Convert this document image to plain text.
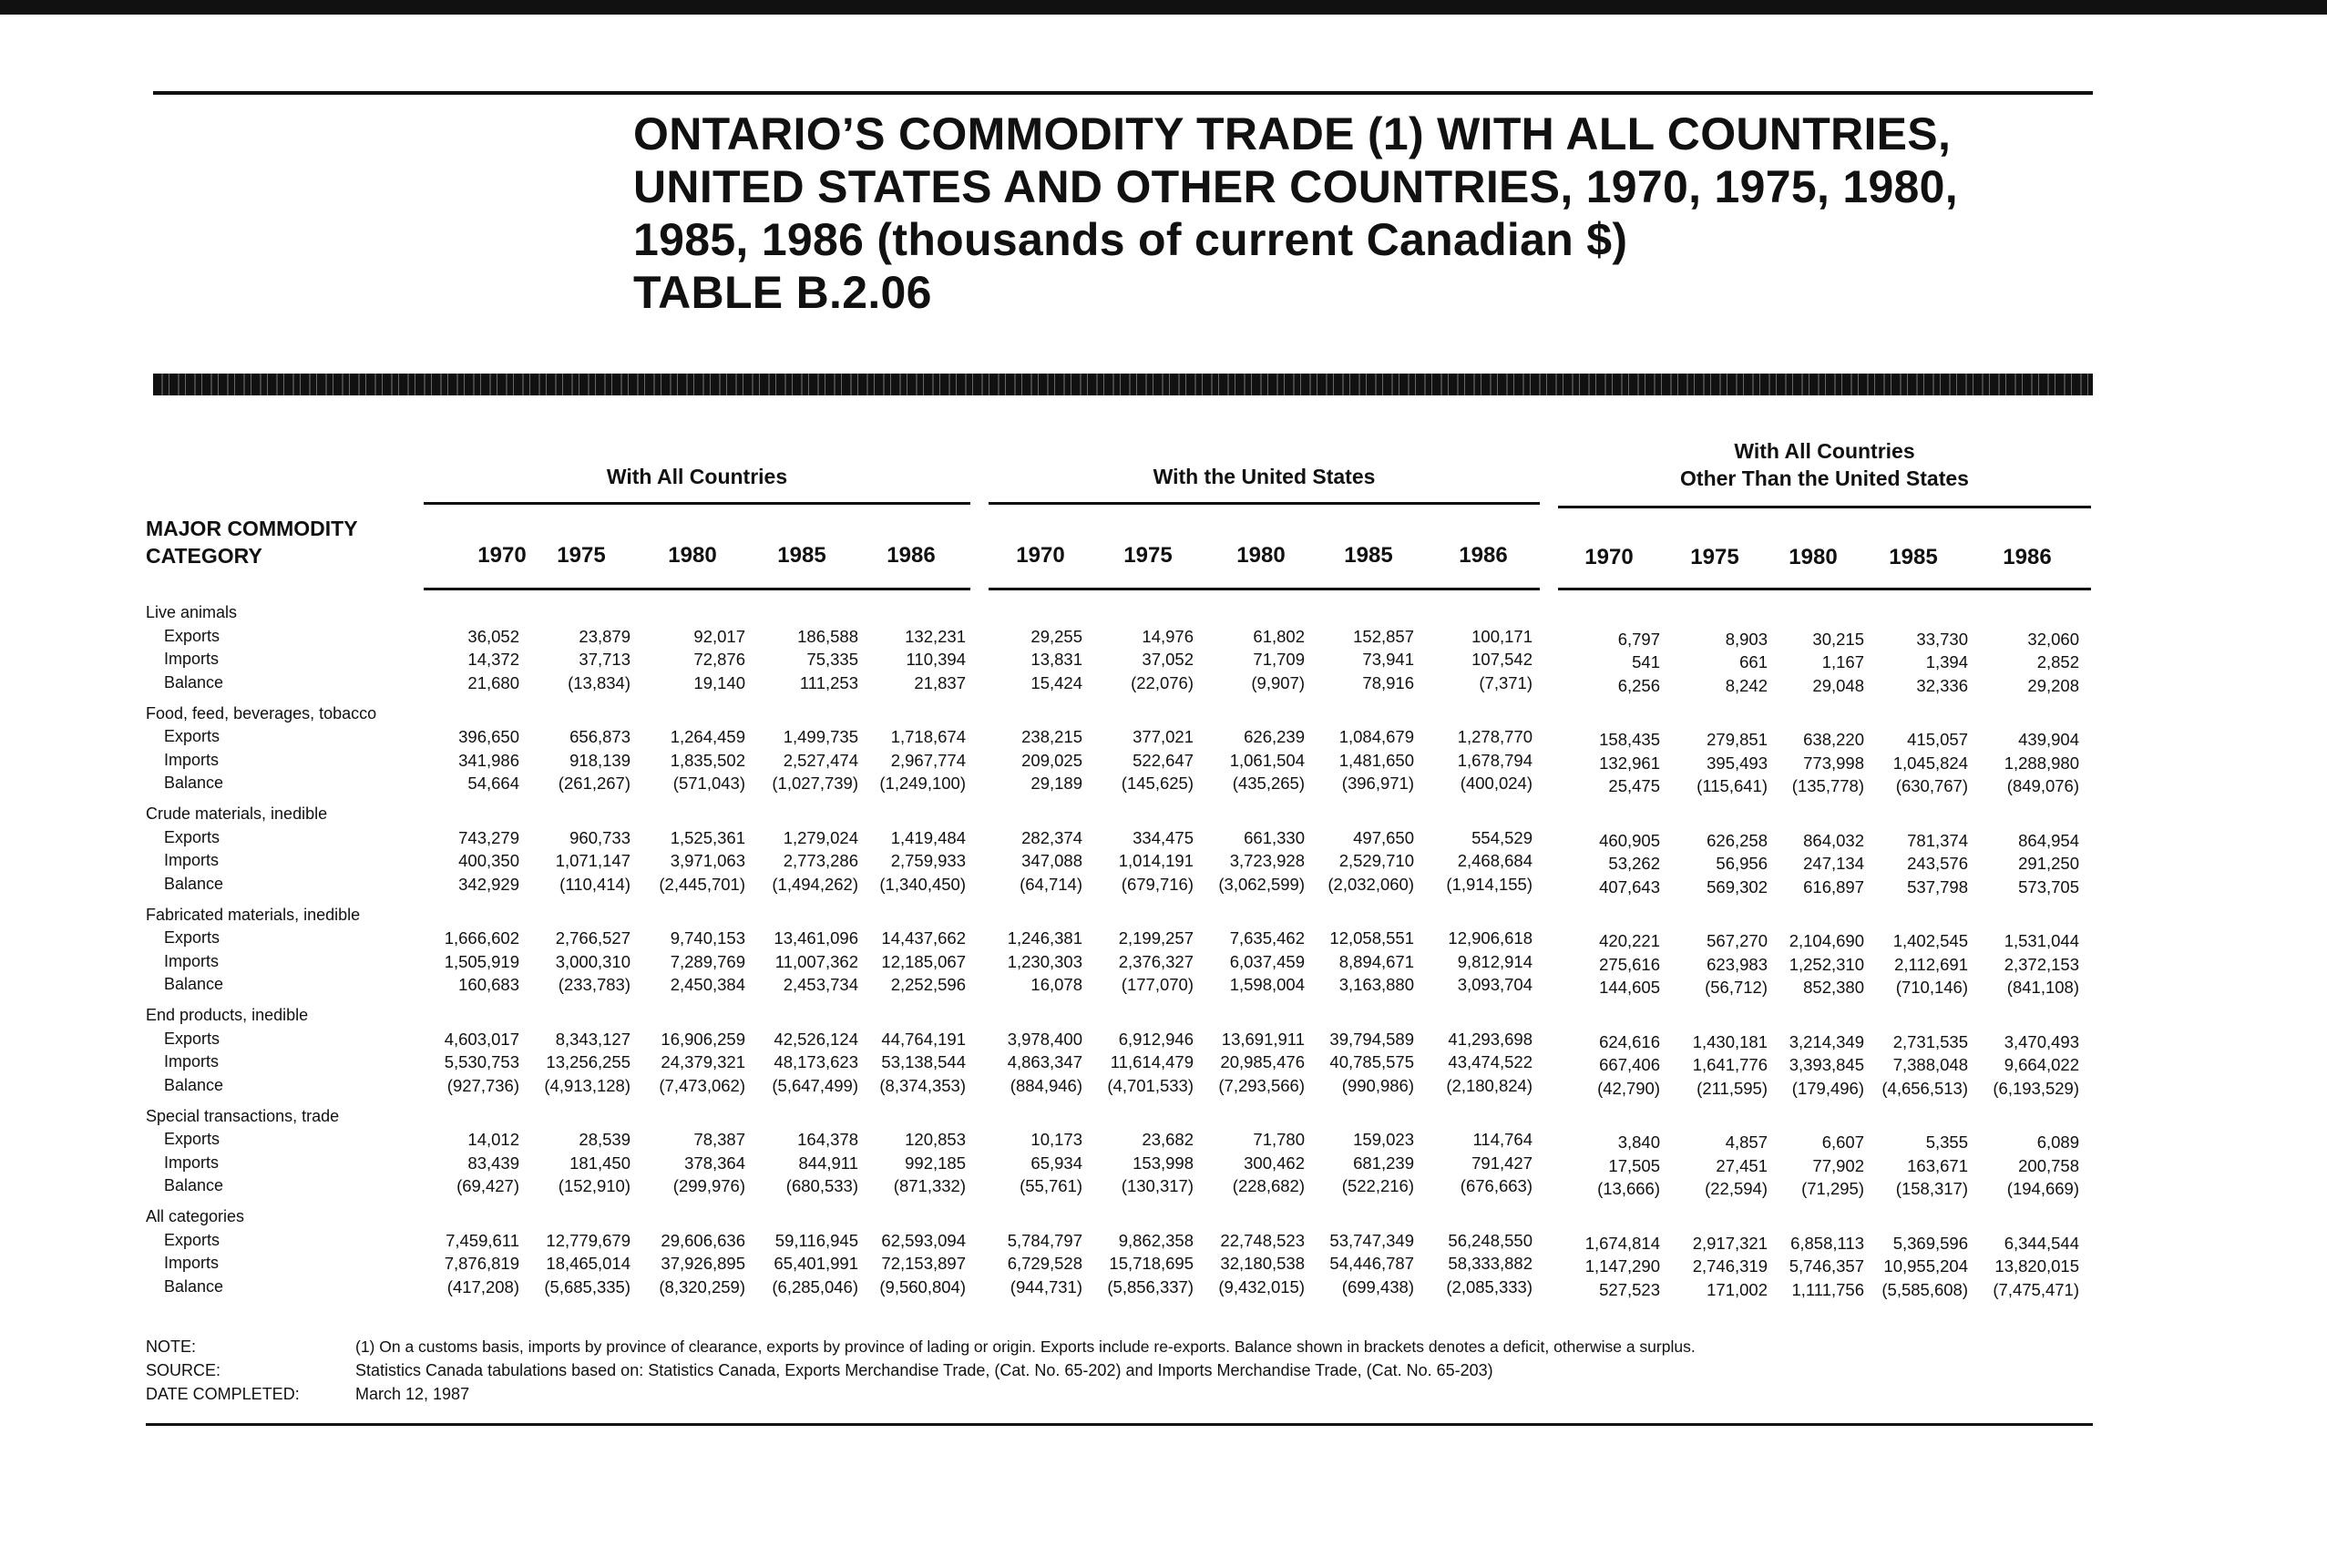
ONTARIO’S COMMODITY TRADE (1) WITH ALL COUNTRIES,
UNITED STATES AND OTHER COUNTRIES, 1970, 1975, 1980,
1985, 1986 (thousands of current Canadian $)
TABLE B.2.06
With All Countries	With the United States
With All Countries
Other Than the United States
MAJOR COMMODITY
CATEGORY	1970	1975	1980	1985	1986	1970	1975	1980	1985	1986	1970	1975	1980	1985	1986
Live animals
Exports	36,052	23,879	92,017	186,588	132,231	29,255	14,976	61,802	152,857	100,171	6,797	8,903	30,215	33,730	32,060
Imports	14,372	37,713	72,876	75,335	110,394	13,831	37,052	71,709	73,941	107,542	541	661	1,167	1,394	2,852
Balance	21,680	(13,834)	19,140	111,253	21,837	15,424	(22,076)	(9,907)	78,916	(7,371)	6,256	8,242	29,048	32,336	29,208
Food, feed, beverages, tobacco
Exports	396,650	656,873	1,264,459	1,499,735	1,718,674	238,215	377,021	626,239	1,084,679	1,278,770	158,435	279,851	638,220	415,057	439,904
Imports	341,986	918,139	1,835,502	2,527,474	2,967,774	209,025	522,647	1,061,504	1,481,650	1,678,794	132,961	395,493	773,998	1,045,824	1,288,980
Balance	54,664	(261,267)	(571,043)	(1,027,739)	(1,249,100)	29,189	(145,625)	(435,265)	(396,971)	(400,024)	25,475	(115,641)	(135,778)	(630,767)	(849,076)
Crude materials, inedible
Exports	743,279	960,733	1,525,361	1,279,024	1,419,484	282,374	334,475	661,330	497,650	554,529	460,905	626,258	864,032	781,374	864,954
Imports	400,350	1,071,147	3,971,063	2,773,286	2,759,933	347,088	1,014,191	3,723,928	2,529,710	2,468,684	53,262	56,956	247,134	243,576	291,250
Balance	342,929	(110,414)	(2,445,701)	(1,494,262)	(1,340,450)	(64,714)	(679,716)	(3,062,599)	(2,032,060)	(1,914,155)	407,643	569,302	616,897	537,798	573,705
Fabricated materials, inedible
Exports	1,666,602	2,766,527	9,740,153	13,461,096	14,437,662	1,246,381	2,199,257	7,635,462	12,058,551	12,906,618	420,221	567,270	2,104,690	1,402,545	1,531,044
Imports	1,505,919	3,000,310	7,289,769	11,007,362	12,185,067	1,230,303	2,376,327	6,037,459	8,894,671	9,812,914	275,616	623,983	1,252,310	2,112,691	2,372,153
Balance	160,683	(233,783)	2,450,384	2,453,734	2,252,596	16,078	(177,070)	1,598,004	3,163,880	3,093,704	144,605	(56,712)	852,380	(710,146)	(841,108)
End products, inedible
Exports	4,603,017	8,343,127	16,906,259	42,526,124	44,764,191	3,978,400	6,912,946	13,691,911	39,794,589	41,293,698	624,616	1,430,181	3,214,349	2,731,535	3,470,493
Imports	5,530,753	13,256,255	24,379,321	48,173,623	53,138,544	4,863,347	11,614,479	20,985,476	40,785,575	43,474,522	667,406	1,641,776	3,393,845	7,388,048	9,664,022
Balance	(927,736)	(4,913,128)	(7,473,062)	(5,647,499)	(8,374,353)	(884,946)	(4,701,533)	(7,293,566)	(990,986)	(2,180,824)	(42,790)	(211,595)	(179,496)	(4,656,513)	(6,193,529)
Special transactions, trade
Exports	14,012	28,539	78,387	164,378	120,853	10,173	23,682	71,780	159,023	114,764	3,840	4,857	6,607	5,355	6,089
Imports	83,439	181,450	378,364	844,911	992,185	65,934	153,998	300,462	681,239	791,427	17,505	27,451	77,902	163,671	200,758
Balance	(69,427)	(152,910)	(299,976)	(680,533)	(871,332)	(55,761)	(130,317)	(228,682)	(522,216)	(676,663)	(13,666)	(22,594)	(71,295)	(158,317)	(194,669)
All categories
Exports	7,459,611	12,779,679	29,606,636	59,116,945	62,593,094	5,784,797	9,862,358	22,748,523	53,747,349	56,248,550	1,674,814	2,917,321	6,858,113	5,369,596	6,344,544
Imports	7,876,819	18,465,014	37,926,895	65,401,991	72,153,897	6,729,528	15,718,695	32,180,538	54,446,787	58,333,882	1,147,290	2,746,319	5,746,357	10,955,204	13,820,015
Balance	(417,208)	(5,685,335)	(8,320,259)	(6,285,046)	(9,560,804)	(944,731)	(5,856,337)	(9,432,015)	(699,438)	(2,085,333)	527,523	171,002	1,111,756	(5,585,608)	(7,475,471)
NOTE:	(1) On a customs basis, imports by province of clearance, exports by province of lading or origin. Exports include re-exports. Balance shown in brackets denotes a deficit, otherwise a surplus.
SOURCE:	Statistics Canada tabulations based on: Statistics Canada, Exports Merchandise Trade, (Cat. No. 65-202) and Imports Merchandise Trade, (Cat. No. 65-203)
DATE COMPLETED:	March 12, 1987
